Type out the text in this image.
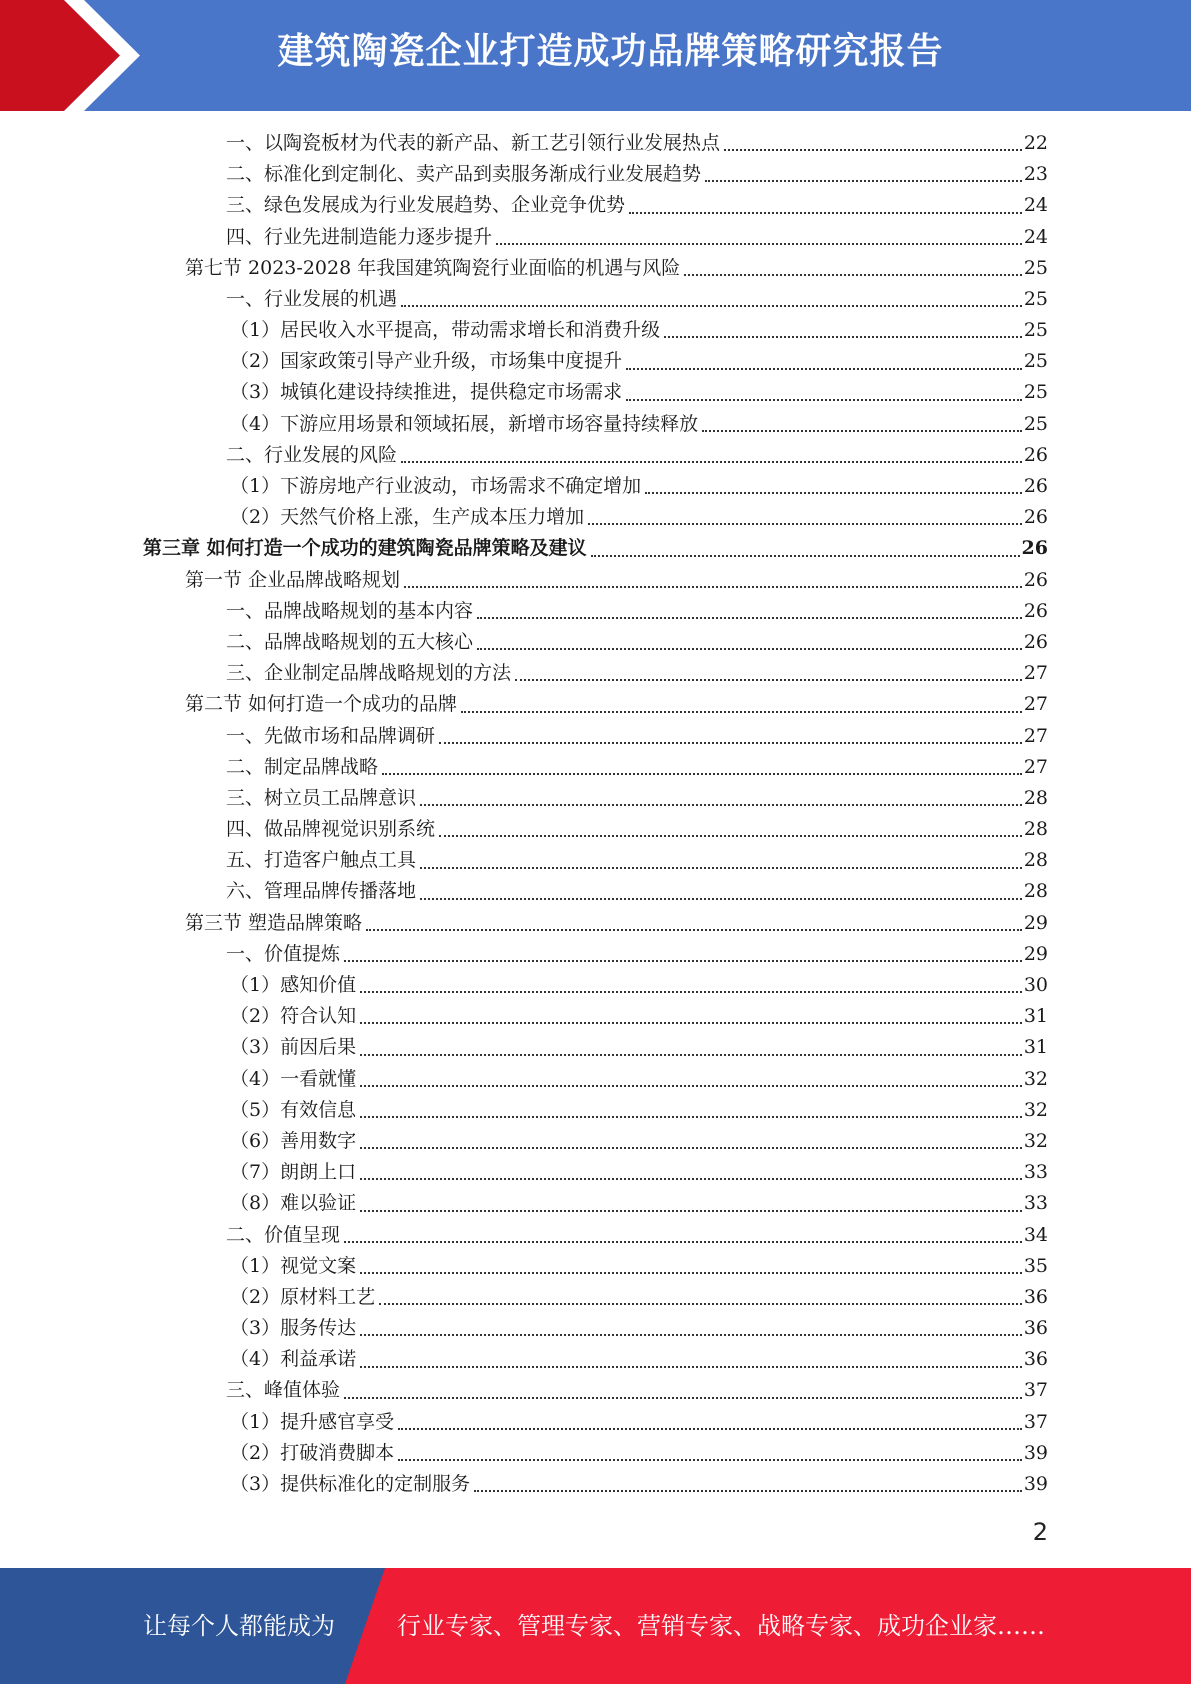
建筑陶瓷企业打造成功品牌策略研究报告
一、以陶瓷板材为代表的新产品、新工艺引领行业发展热点	22
二、标准化到定制化、卖产品到卖服务渐成行业发展趋势	23
三、绿色发展成为行业发展趋势、企业竞争优势	24
四、行业先进制造能力逐步提升	24
第七节 2023-2028 年我国建筑陶瓷行业面临的机遇与风险	25
一、行业发展的机遇	25
（1）居民收入水平提高，带动需求增长和消费升级	25
（2）国家政策引导产业升级，市场集中度提升	25
（3）城镇化建设持续推进，提供稳定市场需求	25
（4）下游应用场景和领域拓展，新增市场容量持续释放	25
二、行业发展的风险	26
（1）下游房地产行业波动，市场需求不确定增加	26
（2）天然气价格上涨，生产成本压力增加	26
第三章 如何打造一个成功的建筑陶瓷品牌策略及建议	26
第一节 企业品牌战略规划	26
一、品牌战略规划的基本内容	26
二、品牌战略规划的五大核心	26
三、企业制定品牌战略规划的方法	27
第二节 如何打造一个成功的品牌	27
一、先做市场和品牌调研	27
二、制定品牌战略	27
三、树立员工品牌意识	28
四、做品牌视觉识别系统	28
五、打造客户触点工具	28
六、管理品牌传播落地	28
第三节 塑造品牌策略	29
一、价值提炼	29
（1）感知价值	30
（2）符合认知	31
（3）前因后果	31
（4）一看就懂	32
（5）有效信息	32
（6）善用数字	32
（7）朗朗上口	33
（8）难以验证	33
二、价值呈现	34
（1）视觉文案	35
（2）原材料工艺	36
（3）服务传达	36
（4）利益承诺	36
三、峰值体验	37
（1）提升感官享受	37
（2）打破消费脚本	39
（3）提供标准化的定制服务	39
2
让每个人都能成为	行业专家、管理专家、营销专家、战略专家、成功企业家……
